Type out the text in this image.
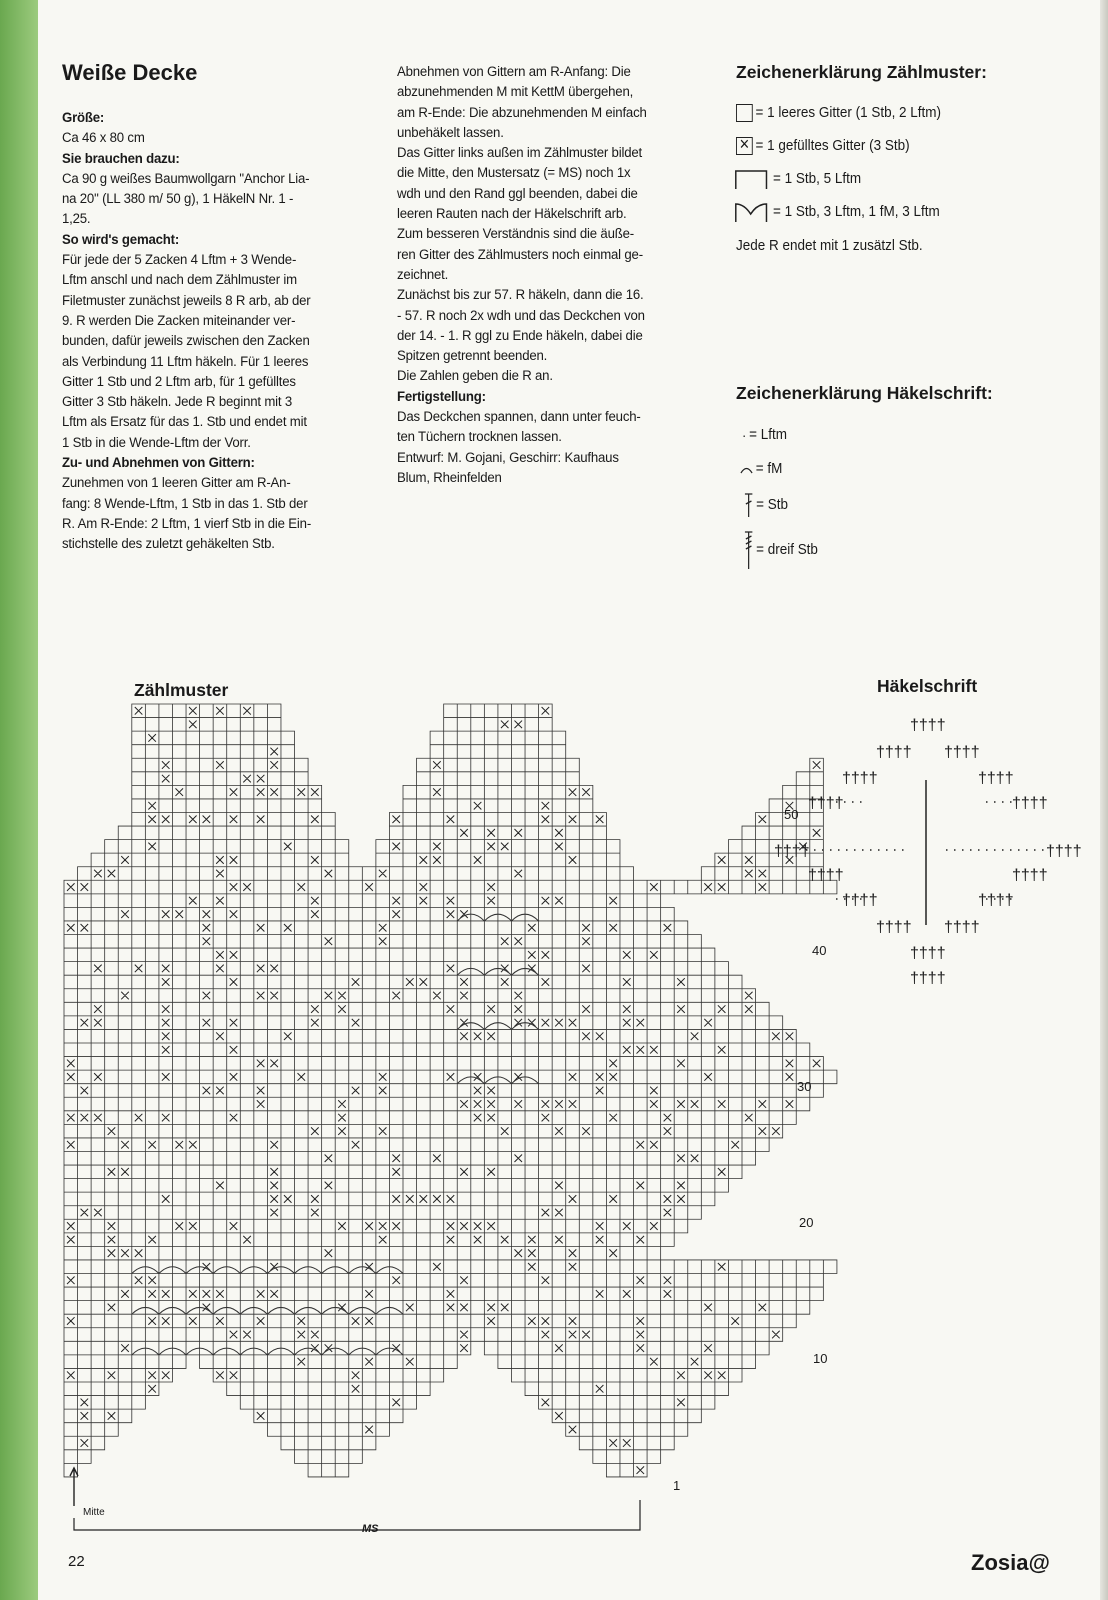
Weiße Decke
Größe:
Ca 46 x 80 cm
Sie brauchen dazu:
Ca 90 g weißes Baumwollgarn "Anchor Lia-
na 20" (LL 380 m/ 50 g), 1 HäkelN Nr. 1 -
1,25.
So wird's gemacht:
Für jede der 5 Zacken 4 Lftm + 3 Wende-
Lftm anschl und nach dem Zählmuster im
Filetmuster zunächst jeweils 8 R arb, ab der
9. R werden Die Zacken miteinander ver-
bunden, dafür jeweils zwischen den Zacken
als Verbindung 11 Lftm häkeln. Für 1 leeres
Gitter 1 Stb und 2 Lftm arb, für 1 gefülltes
Gitter 3 Stb häkeln. Jede R beginnt mit 3
Lftm als Ersatz für das 1. Stb und endet mit
1 Stb in die Wende-Lftm der Vorr.
Zu- und Abnehmen von Gittern:
Zunehmen von 1 leeren Gitter am R-An-
fang: 8 Wende-Lftm, 1 Stb in das 1. Stb der
R. Am R-Ende: 2 Lftm, 1 vierf Stb in die Ein-
stichstelle des zuletzt gehäkelten Stb.
Abnehmen von Gittern am R-Anfang: Die
abzunehmenden M mit KettM übergehen,
am R-Ende: Die abzunehmenden M einfach
unbehäkelt lassen.
Das Gitter links außen im Zählmuster bildet
die Mitte, den Mustersatz (= MS) noch 1x
wdh und den Rand ggl beenden, dabei die
leeren Rauten nach der Häkelschrift arb.
Zum besseren Verständnis sind die äuße-
ren Gitter des Zählmusters noch einmal ge-
zeichnet.
Zunächst bis zur 57. R häkeln, dann die 16.
- 57. R noch 2x wdh und das Deckchen von
der 14. - 1. R ggl zu Ende häkeln, dabei die
Spitzen getrennt beenden.
Die Zahlen geben die R an.
Fertigstellung:
Das Deckchen spannen, dann unter feuch-
ten Tüchern trocknen lassen.
Entwurf: M. Gojani, Geschirr: Kaufhaus
Blum, Rheinfelden
Zeichenerklärung Zählmuster:
= 1 leeres Gitter (1 Stb, 2 Lftm)
×
= 1 gefülltes Gitter (3 Stb)
= 1 Stb, 5 Lftm
= 1 Stb, 3 Lftm, 1 fM, 3 Lftm
Jede R endet mit 1 zusätzl Stb.
Zeichenerklärung Häkelschrift:
· = Lftm
= fM
= Stb
= dreif Stb
Zählmuster	Häkelschrift
††††
†††† ††††
††††	††††
††††	††††
††††	††††
††††	††††
††††	††††
†††† ††††
††††
††††
50
40
30
20
10
1
Mitte
MS
22	Zosia@
